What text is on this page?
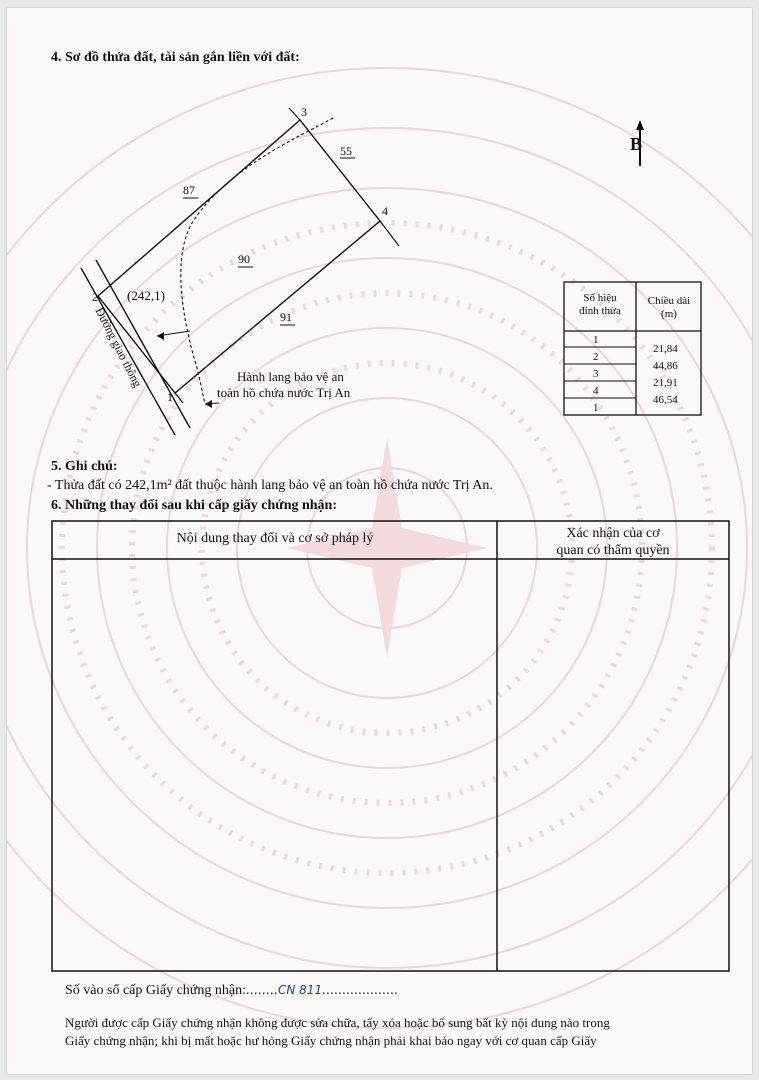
4. Sơ đồ thửa đất, tài sản gắn liền với đất:
3
4
2
1
87
55
90
91
(242,1)
Đường giao thông	Hành lang bảo vệ an
toàn hồ chứa nước Trị An
B
Số hiệu
đỉnh thửa
Chiều dài
(m)
1
2
3
4
1
21,84
44,86
21,91
46,54
5. Ghi chú:
- Thửa đất có 242,1m² đất thuộc hành lang bảo vệ an toàn hồ chứa nước Trị An.
6. Những thay đổi sau khi cấp giấy chứng nhận:
Nội dung thay đổi và cơ sở pháp lý	Xác nhận của cơ
quan có thẩm quyền
Số vào sổ cấp Giấy chứng nhận:........CN 811...................
Người được cấp Giấy chứng nhận không được sửa chữa, tẩy xóa hoặc bổ sung bất kỳ nội dung nào trong
Giấy chứng nhận; khi bị mất hoặc hư hỏng Giấy chứng nhận phải khai báo ngay với cơ quan cấp Giấy
